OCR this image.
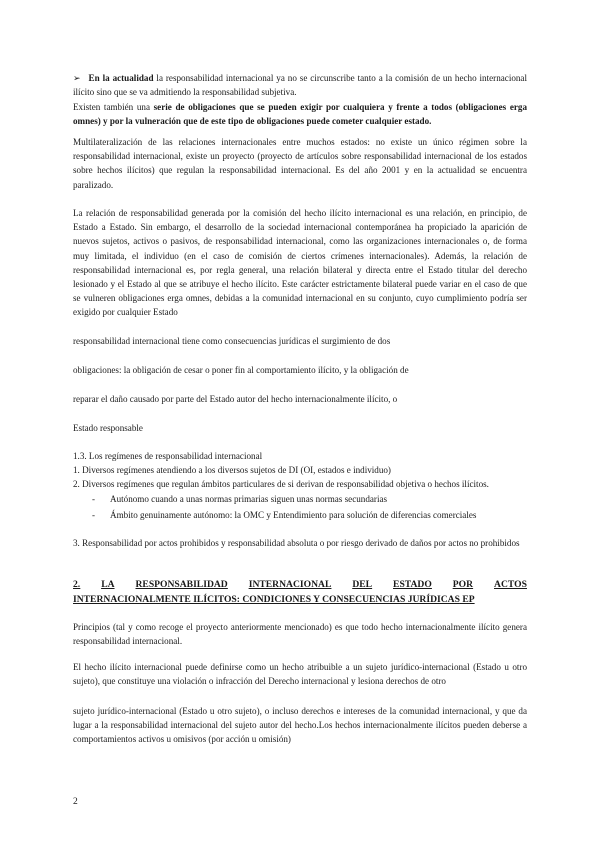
➢ En la actualidad la responsabilidad internacional ya no se circunscribe tanto a la comisión de un hecho internacional ilícito sino que se va admitiendo la responsabilidad subjetiva.

Existen también una serie de obligaciones que se pueden exigir por cualquiera y frente a todos (obligaciones erga omnes) y por la vulneración que de este tipo de obligaciones puede cometer cualquier estado.

Multilateralización de las relaciones internacionales entre muchos estados: no existe un único régimen sobre la responsabilidad internacional, existe un proyecto (proyecto de artículos sobre responsabilidad internacional de los estados sobre hechos ilícitos) que regulan la responsabilidad internacional. Es del año 2001 y en la actualidad se encuentra paralizado.

La relación de responsabilidad generada por la comisión del hecho ilícito internacional es una relación, en principio, de Estado a Estado. Sin embargo, el desarrollo de la sociedad internacional contemporánea ha propiciado la aparición de nuevos sujetos, activos o pasivos, de responsabilidad internacional, como las organizaciones internacionales o, de forma muy limitada, el individuo (en el caso de comisión de ciertos crímenes internacionales). Además, la relación de responsabilidad internacional es, por regla general, una relación bilateral y directa entre el Estado titular del derecho lesionado y el Estado al que se atribuye el hecho ilícito. Este carácter estrictamente bilateral puede variar en el caso de que se vulneren obligaciones erga omnes, debidas a la comunidad internacional en su conjunto, cuyo cumplimiento podría ser exigido por cualquier Estado

responsabilidad internacional tiene como consecuencias jurídicas el surgimiento de dos

obligaciones: la obligación de cesar o poner fin al comportamiento ilícito, y la obligación de

reparar el daño causado por parte del Estado autor del hecho internacionalmente ilícito, o

Estado responsable

1.3. Los regímenes de responsabilidad internacional

1. Diversos regímenes atendiendo a los diversos sujetos de DI (OI, estados e individuo)

2. Diversos regímenes que regulan ámbitos particulares de si derivan de responsabilidad objetiva o hechos ilícitos.

- Autónomo cuando a unas normas primarias siguen unas normas secundarias
- Ámbito genuinamente autónomo: la OMC y Entendimiento para solución de diferencias comerciales

3. Responsabilidad por actos prohibidos y responsabilidad absoluta o por riesgo derivado de daños por actos no prohibidos

2. LA RESPONSABILIDAD INTERNACIONAL DEL ESTADO POR ACTOS
INTERNACIONALMENTE ILÍCITOS: CONDICIONES Y CONSECUENCIAS JURÍDICAS EP

Principios (tal y como recoge el proyecto anteriormente mencionado) es que todo hecho internacionalmente ilícito genera responsabilidad internacional.

El hecho ilícito internacional puede definirse como un hecho atribuible a un sujeto jurídico-internacional (Estado u otro sujeto), que constituye una violación o infracción del Derecho internacional y lesiona derechos de otro

sujeto jurídico-internacional (Estado u otro sujeto), o incluso derechos e intereses de la comunidad internacional, y que da lugar a la responsabilidad internacional del sujeto autor del hecho.Los hechos internacionalmente ilícitos pueden deberse a comportamientos activos u omisivos (por acción u omisión)

2
